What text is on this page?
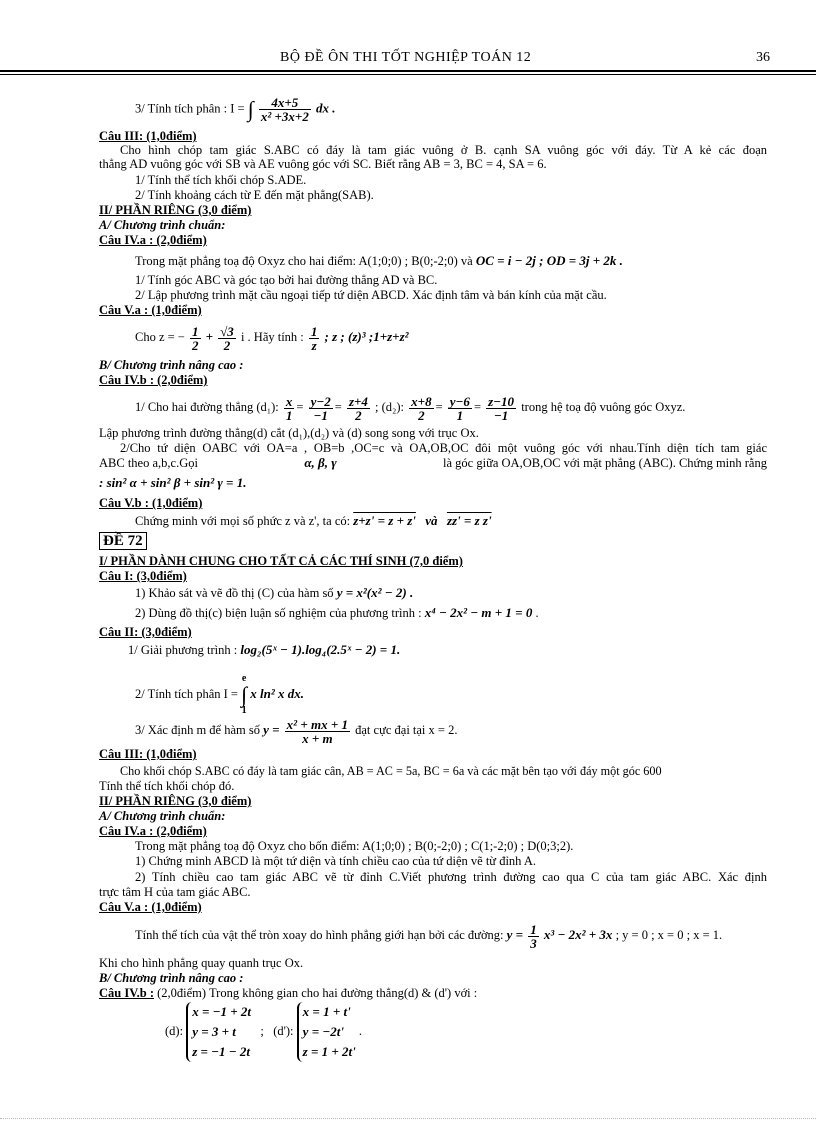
BỘ ĐỀ ÔN THI TỐT NGHIỆP TOÁN 12	36
3/ Tính tích phân : I = ∫ $\frac{4x+5}{\text{x² +3x+2}}$ dx .
Câu III: (1,0điểm)
Cho hình chóp tam giác S.ABC có đáy là tam giác vuông ở B. cạnh SA vuông góc với đáy. Từ A kẻ các đoạn
thẳng AD vuông góc với SB và AE vuông góc với SC. Biết rằng AB = 3, BC = 4, SA = 6.
1/ Tính thể tích khối chóp S.ADE.
2/ Tính khoảng cách từ E đến mặt phẳng(SAB).
II/ PHẦN RIÊNG (3,0 điểm)
A/ Chương trình chuẩn:
Câu IV.a : (2,0điểm)
Trong mặt phẳng toạ độ Oxyz cho hai điểm: A(1;0;0) ; B(0;-2;0) và OC = i − 2j ; OD = 3j + 2k .
1/ Tính góc ABC và góc tạo bởi hai đường thẳng AD và BC.
2/ Lập phương trình mặt cầu ngoại tiếp tứ diện ABCD. Xác định tâm và bán kính của mặt cầu.
Câu V.a : (1,0điểm)
Cho z = − $\frac{1}{2} + \frac{√3}{2}$ i . Hãy tính : $\frac{1}{z}$ ; z ; (z)³ ;1+z+z²
B/ Chương trình nâng cao :
Câu IV.b : (2,0điểm)
1/ Cho hai đường thẳng (d₁): $\frac{x}{1} = \frac{y-2}{-1} = \frac{z+4}{2}$ ; (d₂): $\frac{x+8}{2} = \frac{y-6}{1} = \frac{z-10}{-1}$ trong hệ toạ độ vuông góc Oxyz.
Lập phương trình đường thẳng(d) cắt (d₁),(d₂) và (d) song song với trục Ox.
2/Cho tứ diện OABC với OA=a , OB=b ,OC=c và OA,OB,OC đôi một vuông góc với nhau.Tính diện tích tam giác
ABC theo a,b,c.Gọi	α, β, γ	là góc giữa OA,OB,OC với mặt phẳng (ABC). Chứng minh rằng
: sin² α + sin² β + sin² γ = 1.
Câu V.b : (1,0điểm)
Chứng minh với mọi số phức z và z', ta có: z+z' = z + z' và zz' = z z'
ĐỀ 72
I/ PHẦN DÀNH CHUNG CHO TẤT CẢ CÁC THÍ SINH (7,0 điểm)
Câu I: (3,0điểm)
1) Khảo sát và vẽ đồ thị (C) của hàm số y = x²(x² − 2) .
2) Dùng đồ thị(c) biện luận số nghiệm của phương trình : x⁴ − 2x² − m + 1 = 0 .
Câu II: (3,0điểm)
1/ Giải phương trình : log₂(5ˣ − 1).log₄(2.5ˣ − 2) = 1.
2/ Tính tích phân I =
e
∫
1
x ln² x dx.
3/ Xác định m để hàm số $y = \frac{\text{x² + mx + 1}}{x + m}$ đạt cực đại tại x = 2.
Câu III: (1,0điểm)
Cho khối chóp S.ABC có đáy là tam giác cân, AB = AC = 5a, BC = 6a và các mặt bên tạo với đáy một góc 600
Tính thể tích khối chóp đó.
II/ PHẦN RIÊNG (3,0 điểm)
A/ Chương trình chuẩn:
Câu IV.a : (2,0điểm)
Trong mặt phẳng toạ độ Oxyz cho bốn điểm: A(1;0;0) ; B(0;-2;0) ; C(1;-2;0) ; D(0;3;2).
1) Chứng minh ABCD là một tứ diện và tính chiều cao của tứ diện vẽ từ đỉnh A.
2) Tính chiều cao tam giác ABC vẽ từ đỉnh C.Viết phương trình đường cao qua C của tam giác ABC. Xác định
trực tâm H của tam giác ABC.
Câu V.a : (1,0điểm)
Tính thể tích của vật thể tròn xoay do hình phẳng giới hạn bởi các đường: $y = \frac{1}{3} x^3 - 2x^2 + 3x$ ; y = 0 ; x = 0 ; x = 1.
Khi cho hình phẳng quay quanh trục Ox.
B/ Chương trình nâng cao :
Câu IV.b : (2,0điểm) Trong không gian cho hai đường thẳng(d) & (d') với :
(d):
x = −1 + 2t
y = 3 + t
z = −1 − 2t
; (d'):
x = 1 + t'
y = −2t'
z = 1 + 2t'
.
